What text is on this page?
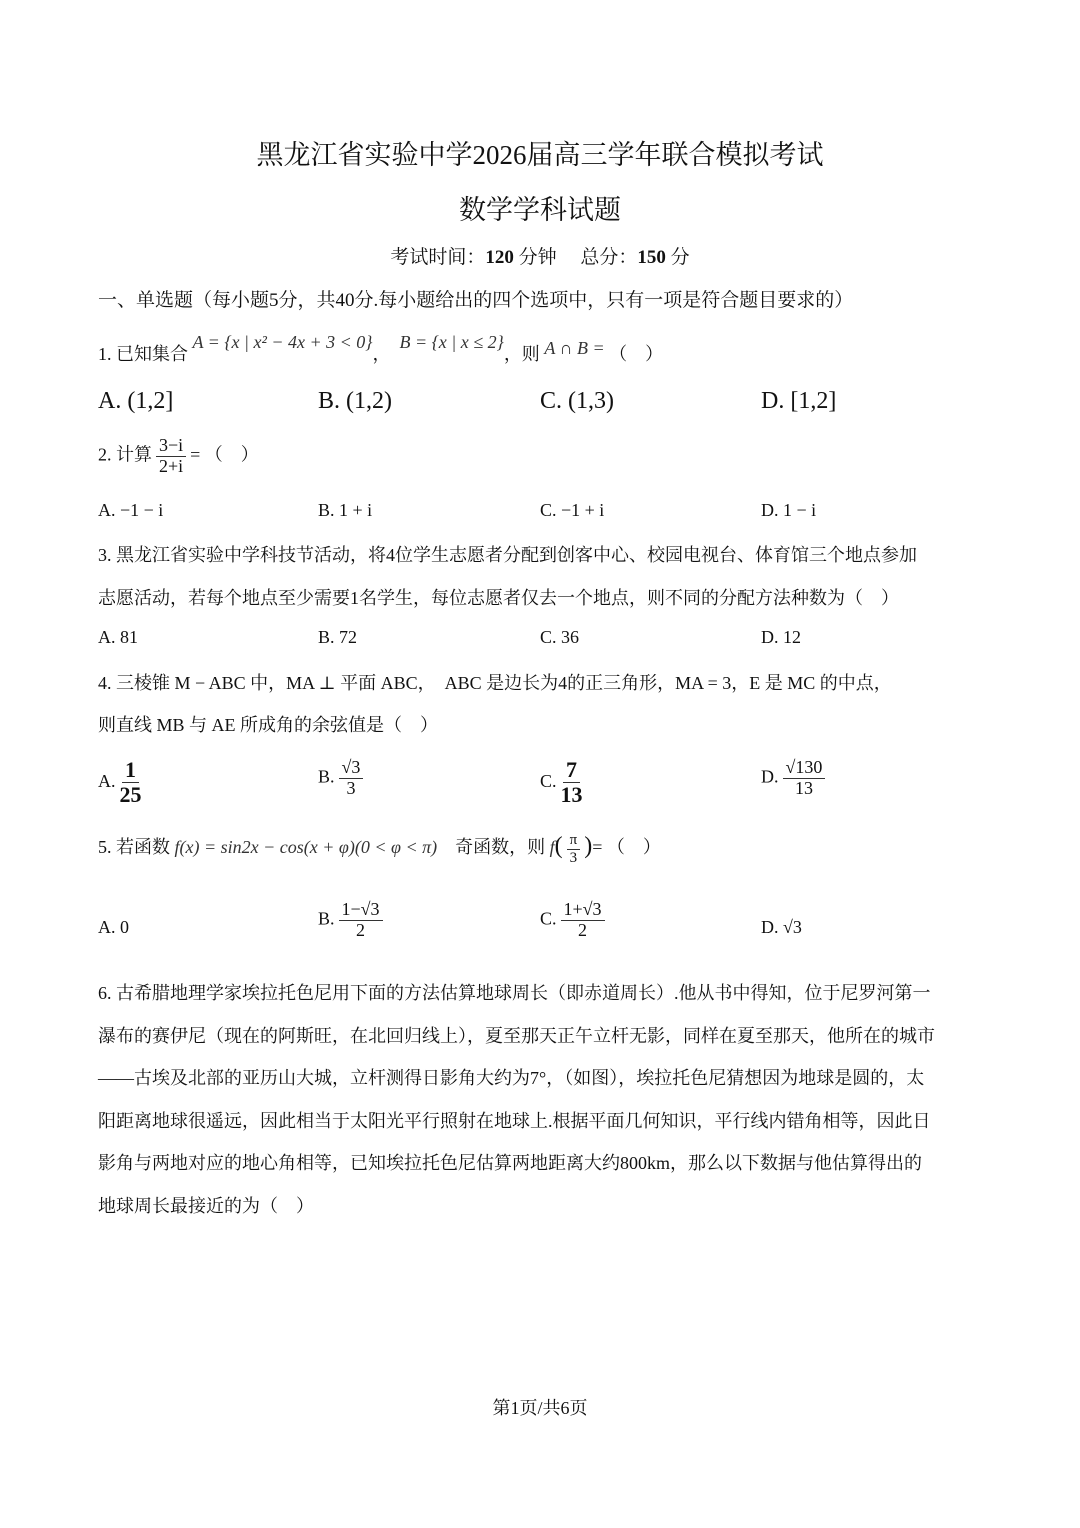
黑龙江省实验中学2026届高三学年联合模拟考试
数学学科试题
考试时间：120 分钟  总分：150 分
一、单选题（每小题5分，共40分.每小题给出的四个选项中，只有一项是符合题目要求的）
1. 已知集合 A = {x | x² − 4x + 3 < 0}，  B = {x | x ≤ 2}，则 A ∩ B = （　）
A. (1,2]	B. (1,2)	C. (1,3)	D. [1,2]
2. 计算 $\frac{3-i}{2+i}$ = （　）
A. −1 − i	B. 1 + i	C. −1 + i	D. 1 − i
3. 黑龙江省实验中学科技节活动，将4位学生志愿者分配到创客中心、校园电视台、体育馆三个地点参加
志愿活动，若每个地点至少需要1名学生，每位志愿者仅去一个地点，则不同的分配方法种数为（　）
A. 81	B. 72	C. 36	D. 12
4. 三棱锥 M − ABC 中，MA ⊥ 平面 ABC，　ABC 是边长为4的正三角形，MA = 3，E 是 MC 的中点，
则直线 MB 与 AE 所成角的余弦值是（　）
A. $\frac{1}{25}$	B. $\frac{√3}{3}$	C. $\frac{7}{13}$	D. $\frac{√130}{13}$
5. 若函数 f(x) = sin2x − cos(x + φ)(0 < φ < π)　奇函数，则 $f( \frac{\pi}{3}$ )= （　）
A. 0	B. $\frac{1-√3}{2}$	C. $\frac{1+√3}{2}$	D. √3
6. 古希腊地理学家埃拉托色尼用下面的方法估算地球周长（即赤道周长）.他从书中得知，位于尼罗河第一
瀑布的赛伊尼（现在的阿斯旺，在北回归线上），夏至那天正午立杆无影，同样在夏至那天，他所在的城市
——古埃及北部的亚历山大城，立杆测得日影角大约为7°，（如图），埃拉托色尼猜想因为地球是圆的，太
阳距离地球很遥远，因此相当于太阳光平行照射在地球上.根据平面几何知识，平行线内错角相等，因此日
影角与两地对应的地心角相等，已知埃拉托色尼估算两地距离大约800km，那么以下数据与他估算得出的
地球周长最接近的为（　）
第1页/共6页
